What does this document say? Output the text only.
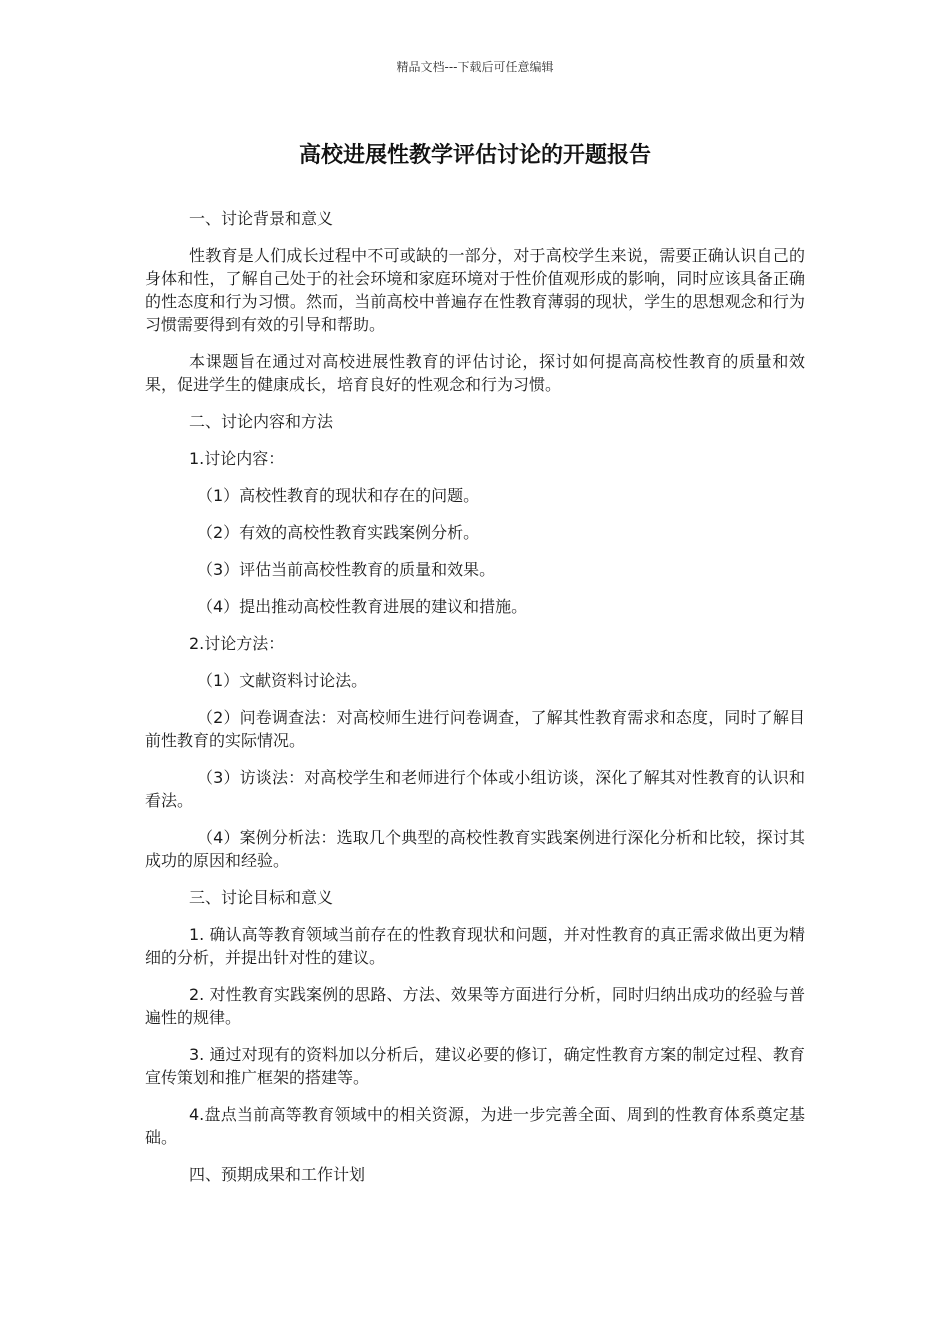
精品文档---下载后可任意编辑
高校进展性教学评估讨论的开题报告

一、讨论背景和意义

性教育是人们成长过程中不可或缺的一部分，对于高校学生来说，需要正确认识自己的身体和性，了解自己处于的社会环境和家庭环境对于性价值观形成的影响，同时应该具备正确的性态度和行为习惯。然而，当前高校中普遍存在性教育薄弱的现状，学生的思想观念和行为习惯需要得到有效的引导和帮助。

本课题旨在通过对高校进展性教育的评估讨论，探讨如何提高高校性教育的质量和效果，促进学生的健康成长，培育良好的性观念和行为习惯。

二、讨论内容和方法

1.讨论内容：

（1）高校性教育的现状和存在的问题。

（2）有效的高校性教育实践案例分析。

（3）评估当前高校性教育的质量和效果。

（4）提出推动高校性教育进展的建议和措施。

2.讨论方法：

（1）文献资料讨论法。

（2）问卷调查法：对高校师生进行问卷调查，了解其性教育需求和态度，同时了解目前性教育的实际情况。

（3）访谈法：对高校学生和老师进行个体或小组访谈，深化了解其对性教育的认识和看法。

（4）案例分析法：选取几个典型的高校性教育实践案例进行深化分析和比较，探讨其成功的原因和经验。

三、讨论目标和意义

1. 确认高等教育领域当前存在的性教育现状和问题，并对性教育的真正需求做出更为精细的分析，并提出针对性的建议。

2. 对性教育实践案例的思路、方法、效果等方面进行分析，同时归纳出成功的经验与普遍性的规律。

3. 通过对现有的资料加以分析后，建议必要的修订，确定性教育方案的制定过程、教育宣传策划和推广框架的搭建等。

4.盘点当前高等教育领域中的相关资源，为进一步完善全面、周到的性教育体系奠定基础。

四、预期成果和工作计划
